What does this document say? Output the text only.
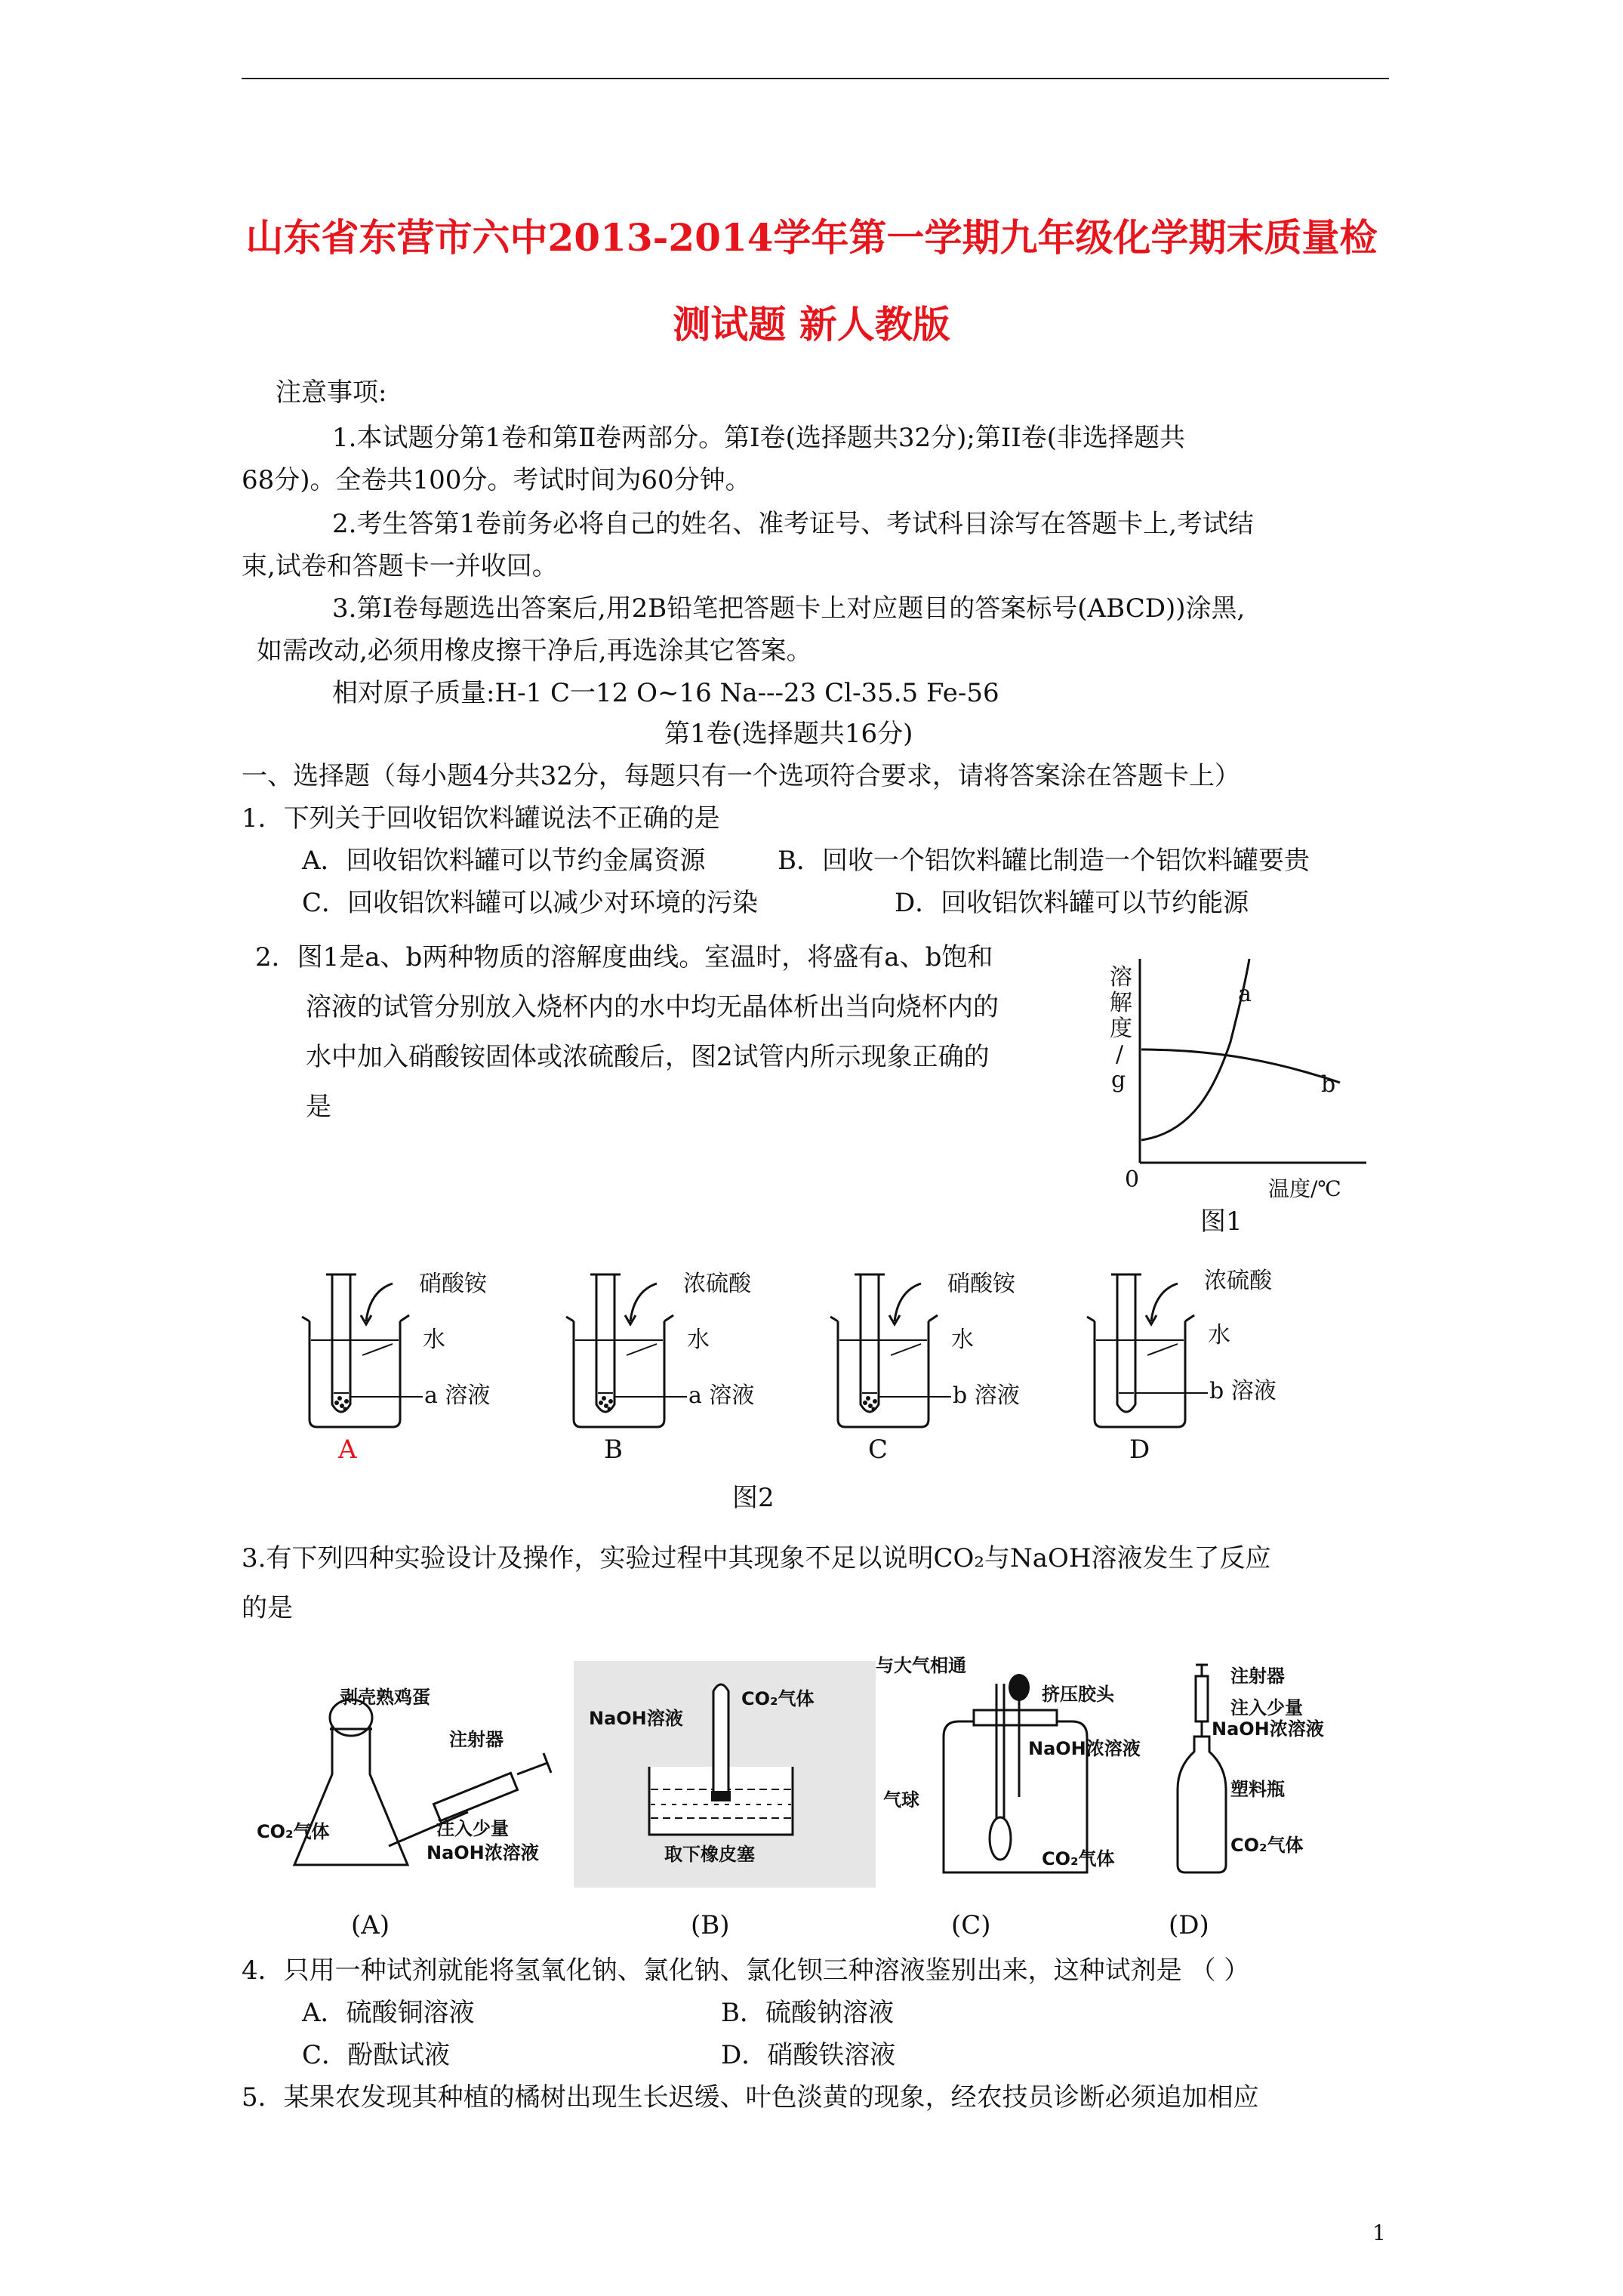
山东省东营市六中2013-2014学年第一学期九年级化学期末质量检
测试题 新人教版
注意事项:
1.本试题分第1卷和第Ⅱ卷两部分。第Ⅰ卷(选择题共32分);第ⅠⅠ卷(非选择题共
68分)。全卷共100分。考试时间为60分钟。
2.考生答第1卷前务必将自己的姓名、准考证号、考试科目涂写在答题卡上,考试结
束,试卷和答题卡一并收回。
3.第Ⅰ卷每题选出答案后,用2B铅笔把答题卡上对应题目的答案标号(ABCD))涂黑,
如需改动,必须用橡皮擦干净后,再选涂其它答案。
相对原子质量:H-1 C一12 O~16 Na---23 Cl-35.5 Fe-56
第1卷(选择题共16分)
一、选择题（每小题4分共32分，每题只有一个选项符合要求，请将答案涂在答题卡上）
1．下列关于回收铝饮料罐说法不正确的是
A．回收铝饮料罐可以节约金属资源	B．回收一个铝饮料罐比制造一个铝饮料罐要贵
C．回收铝饮料罐可以减少对环境的污染	D．回收铝饮料罐可以节约能源
2．图1是a、b两种物质的溶解度曲线。室温时，将盛有a、b饱和
溶液的试管分别放入烧杯内的水中均无晶体析出当向烧杯内的
水中加入硝酸铵固体或浓硫酸后，图2试管内所示现象正确的
是
溶
解
度
/
g
a
b
0	温度/℃
图1
硝酸铵
水
a 溶液
A
浓硫酸
水
a 溶液
B
硝酸铵
水
b 溶液
C
浓硫酸
水
b 溶液
D
图2
3.有下列四种实验设计及操作，实验过程中其现象不足以说明CO₂与NaOH溶液发生了反应
的是
剥壳熟鸡蛋
注射器
CO₂气体	注入少量
NaOH浓溶液
(A)
NaOH溶液
CO₂气体
取下橡皮塞
(B)
与大气相通
挤压胶头
NaOH浓溶液
气球
CO₂气体
(C)
注射器
注入少量
NaOH浓溶液
塑料瓶
CO₂气体
(D)
4．只用一种试剂就能将氢氧化钠、氯化钠、氯化钡三种溶液鉴别出来，这种试剂是 （ ）
A．硫酸铜溶液	B．硫酸钠溶液
C．酚酞试液	D．硝酸铁溶液
5．某果农发现其种植的橘树出现生长迟缓、叶色淡黄的现象，经农技员诊断必须追加相应
1
